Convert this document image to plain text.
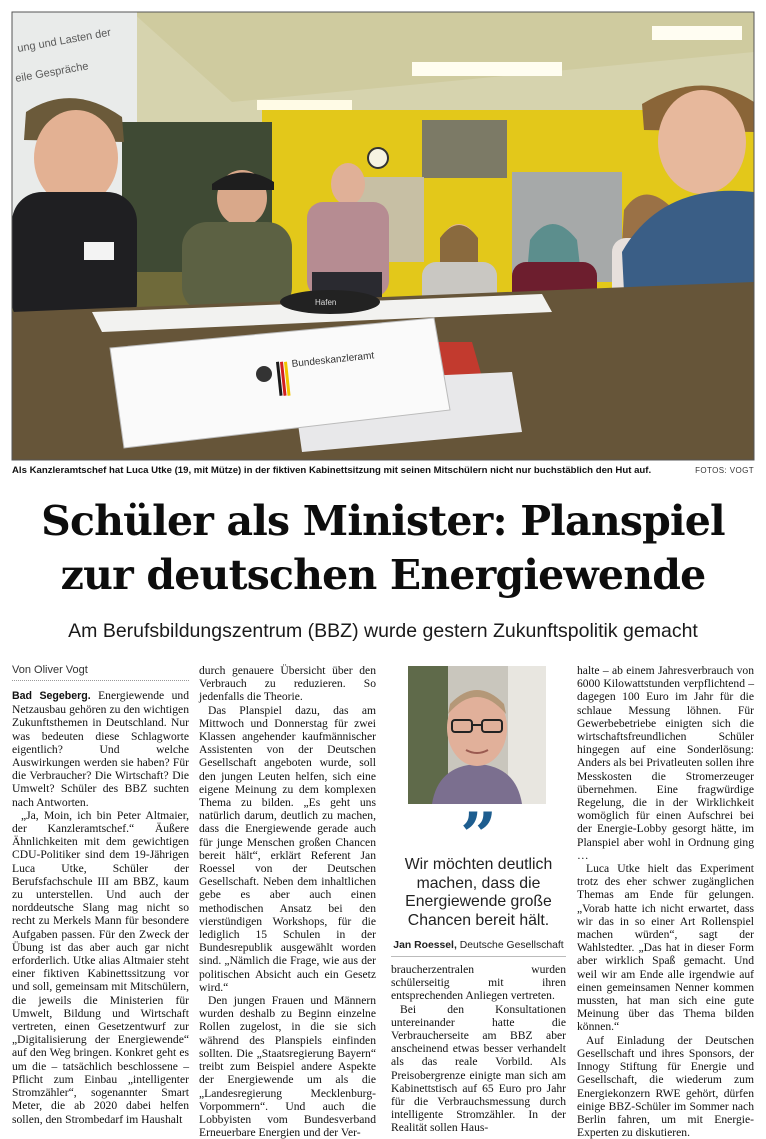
ung und Lasten der
eile Gespräche
Hafen
Bundeskanzleramt
Als Kanzleramtschef hat Luca Utke (19, mit Mütze) in der fiktiven Kabinettsitzung mit seinen Mitschülern nicht nur buchstäblich den Hut auf.	FOTOS: VOGT
Schüler als Minister: Planspiel
zur deutschen Energiewende
Am Berufsbildungszentrum (BBZ) wurde gestern Zukunftspolitik gemacht
Von Oliver Vogt

Bad Segeberg. Energiewende und Netzausbau gehören zu den wichtigen Zukunftsthemen in Deutschland. Nur was bedeuten diese Schlagworte eigentlich? Und welche Auswirkungen werden sie haben? Für die Verbraucher? Die Wirtschaft? Die Umwelt? Schüler des BBZ suchten nach Antworten.

„Ja, Moin, ich bin Peter Altmaier, der Kanzleramtschef.“ Äußere Ähnlichkeiten mit dem gewichtigen CDU-Politiker sind dem 19-Jährigen Luca Utke, Schüler der Berufsfachschule III am BBZ, kaum zu unterstellen. Und auch der norddeutsche Slang mag nicht so recht zu Merkels Mann für besondere Aufgaben passen. Für den Zweck der Übung ist das aber auch gar nicht erforderlich. Utke alias Altmaier steht einer fiktiven Kabinettssitzung vor und soll, gemeinsam mit Mitschülern, die jeweils die Ministerien für Umwelt, Bildung und Wirtschaft vertreten, einen Gesetzentwurf zur „Digitalisierung der Energiewende“ auf den Weg bringen. Konkret geht es um die – tatsächlich beschlossene – Pflicht zum Einbau „intelligenter Stromzähler“, sogenannter Smart Meter, die ab 2020 dabei helfen sollen, den Strombedarf im Haushalt

durch genauere Übersicht über den Verbrauch zu reduzieren. So jedenfalls die Theorie.

Das Planspiel dazu, das am Mittwoch und Donnerstag für zwei Klassen angehender kaufmännischer Assistenten von der Deutschen Gesellschaft angeboten wurde, soll den jungen Leuten helfen, sich eine eigene Meinung zu dem komplexen Thema zu bilden. „Es geht uns natürlich darum, deutlich zu machen, dass die Energiewende gerade auch für junge Menschen großen Chancen bereit hält“, erklärt Referent Jan Roessel von der Deutschen Gesellschaft. Neben dem inhaltlichen gebe es aber auch einen methodischen Ansatz bei den vierstündigen Workshops, für die lediglich 15 Schulen in der Bundesrepublik ausgewählt worden sind. „Nämlich die Frage, wie aus der politischen Absicht auch ein Gesetz wird.“

Den jungen Frauen und Männern wurden deshalb zu Beginn einzelne Rollen zugelost, in die sie sich während des Planspiels einfinden sollten. Die „Staatsregierung Bayern“ treibt zum Beispiel andere Aspekte der Energiewende um als die „Landesregierung Mecklenburg-Vorpommern“. Und auch die Lobbyisten vom Bundesverband Erneuerbare Energien und der Ver-

”
Wir möchten deutlich machen, dass die Energiewende große Chancen bereit hält.
Jan Roessel, Deutsche Gesellschaft

braucherzentralen wurden schülerseitig mit ihren entsprechenden Anliegen vertreten.

Bei den Konsultationen untereinander hatte die Verbraucherseite am BBZ aber anscheinend etwas besser verhandelt als das reale Vorbild. Als Preisobergrenze einigte man sich am Kabinettstisch auf 65 Euro pro Jahr für die Verbrauchsmessung durch intelligente Stromzähler. In der Realität sollen Haus-

halte – ab einem Jahresverbrauch von 6000 Kilowattstunden verpflichtend – dagegen 100 Euro im Jahr für die schlaue Messung löhnen. Für Gewerbebetriebe einigten sich die wirtschaftsfreundlichen Schüler hingegen auf eine Sonderlösung: Anders als bei Privatleuten sollen ihre Messkosten die Stromerzeuger übernehmen. Eine fragwürdige Regelung, die in der Wirklichkeit womöglich für einen Aufschrei bei der Energie-Lobby gesorgt hätte, im Planspiel aber wohl in Ordnung ging …

Luca Utke hielt das Experiment trotz des eher schwer zugänglichen Themas am Ende für gelungen. „Vorab hatte ich nicht erwartet, dass wir das in so einer Art Rollenspiel machen würden“, sagt der Wahlstedter. „Das hat in dieser Form aber wirklich Spaß gemacht. Und weil wir am Ende alle irgendwie auf einen gemeinsamen Nenner kommen mussten, hat man sich eine gute Meinung über das Thema bilden können.“

Auf Einladung der Deutschen Gesellschaft und ihres Sponsors, der Innogy Stiftung für Energie und Gesellschaft, die wiederum zum Energiekonzern RWE gehört, dürfen einige BBZ-Schüler im Sommer nach Berlin fahren, um mit Energie-Experten zu diskutieren.
